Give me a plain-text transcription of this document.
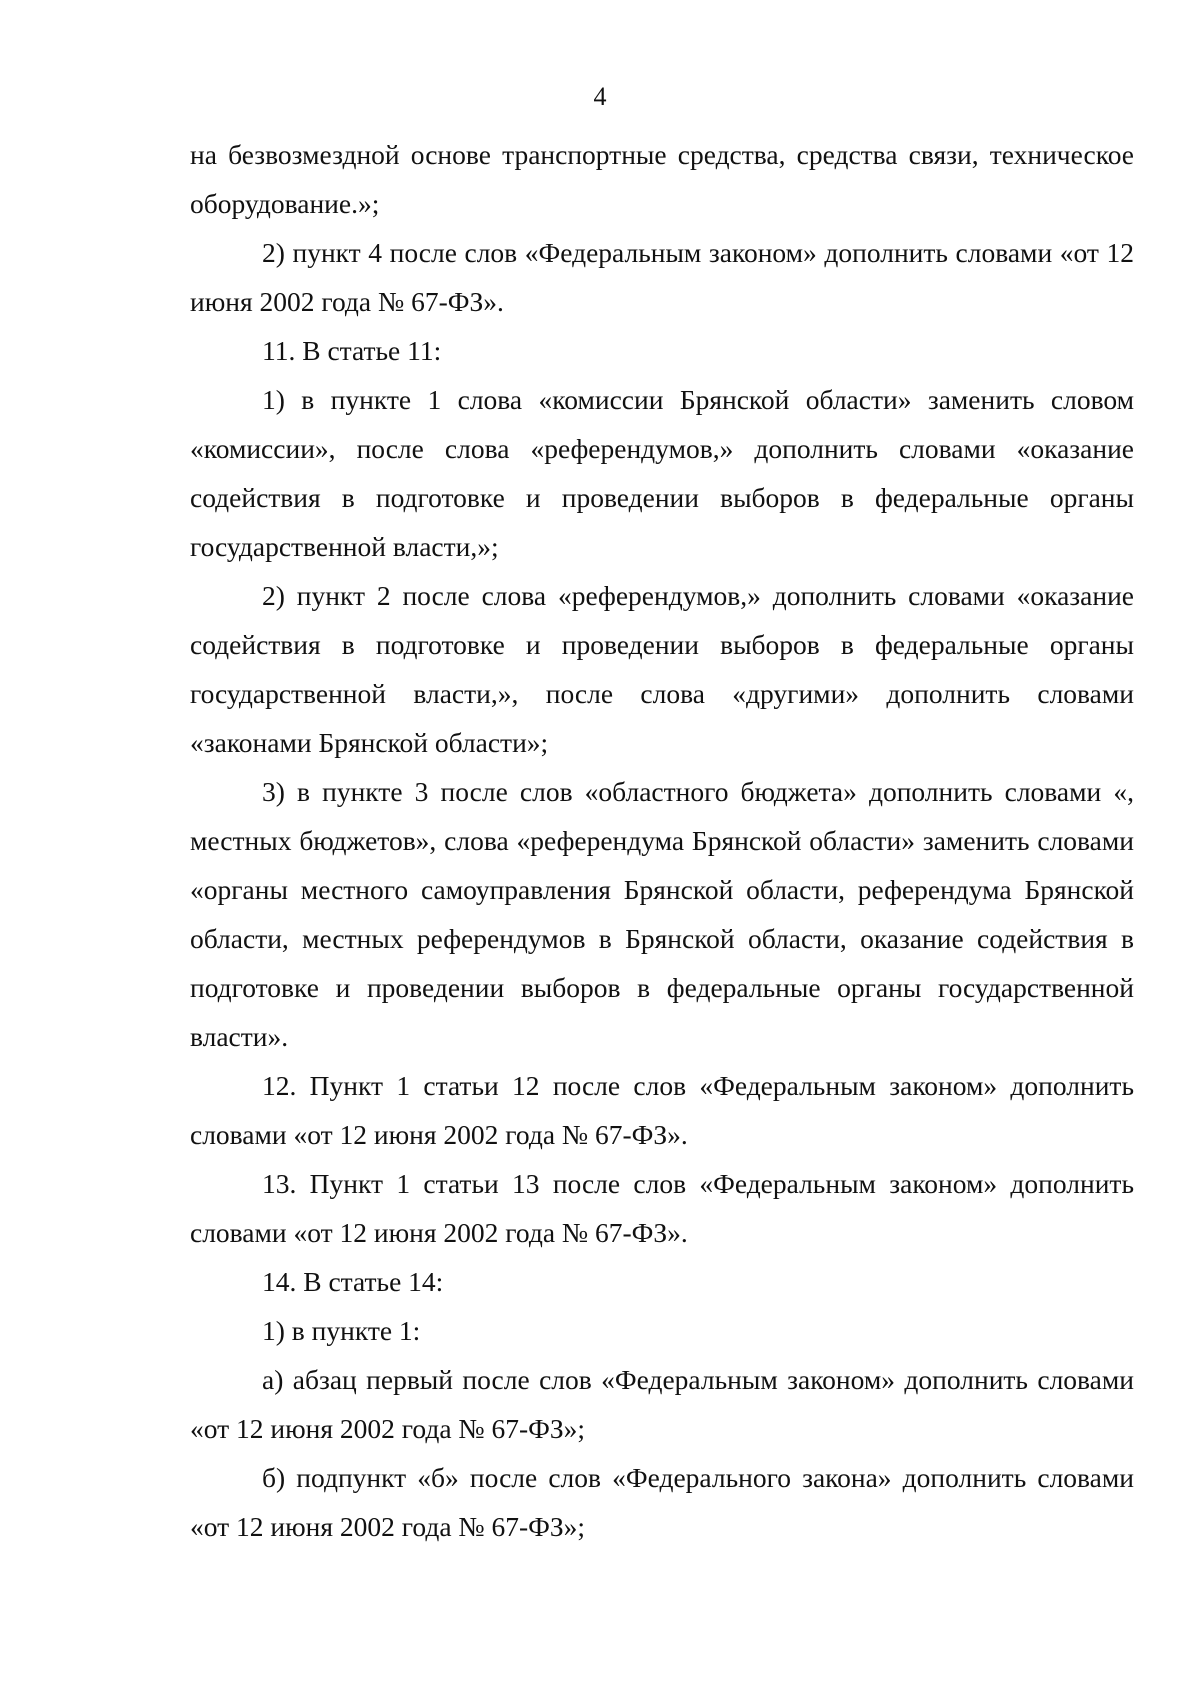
4

на безвозмездной основе транспортные средства, средства связи, техническое оборудование.»;

2) пункт 4 после слов «Федеральным законом» дополнить словами «от 12 июня 2002 года № 67-ФЗ».

11. В статье 11:

1) в пункте 1 слова «комиссии Брянской области» заменить словом «комиссии», после слова «референдумов,» дополнить словами «оказание содействия в подготовке и проведении выборов в федеральные органы государственной власти,»;

2) пункт 2 после слова «референдумов,» дополнить словами «оказание содействия в подготовке и проведении выборов в федеральные органы государственной власти,», после слова «другими» дополнить словами «законами Брянской области»;

3) в пункте 3 после слов «областного бюджета» дополнить словами «, местных бюджетов», слова «референдума Брянской области» заменить словами «органы местного самоуправления Брянской области, референдума Брянской области, местных референдумов в Брянской области, оказание содействия в подготовке и проведении выборов в федеральные органы государственной власти».

12. Пункт 1 статьи 12 после слов «Федеральным законом» дополнить словами «от 12 июня 2002 года № 67-ФЗ».

13. Пункт 1 статьи 13 после слов «Федеральным законом» дополнить словами «от 12 июня 2002 года № 67-ФЗ».

14. В статье 14:

1) в пункте 1:

а) абзац первый после слов «Федеральным законом» дополнить словами «от 12 июня 2002 года № 67-ФЗ»;

б) подпункт «б» после слов «Федерального закона» дополнить словами «от 12 июня 2002 года № 67-ФЗ»;
